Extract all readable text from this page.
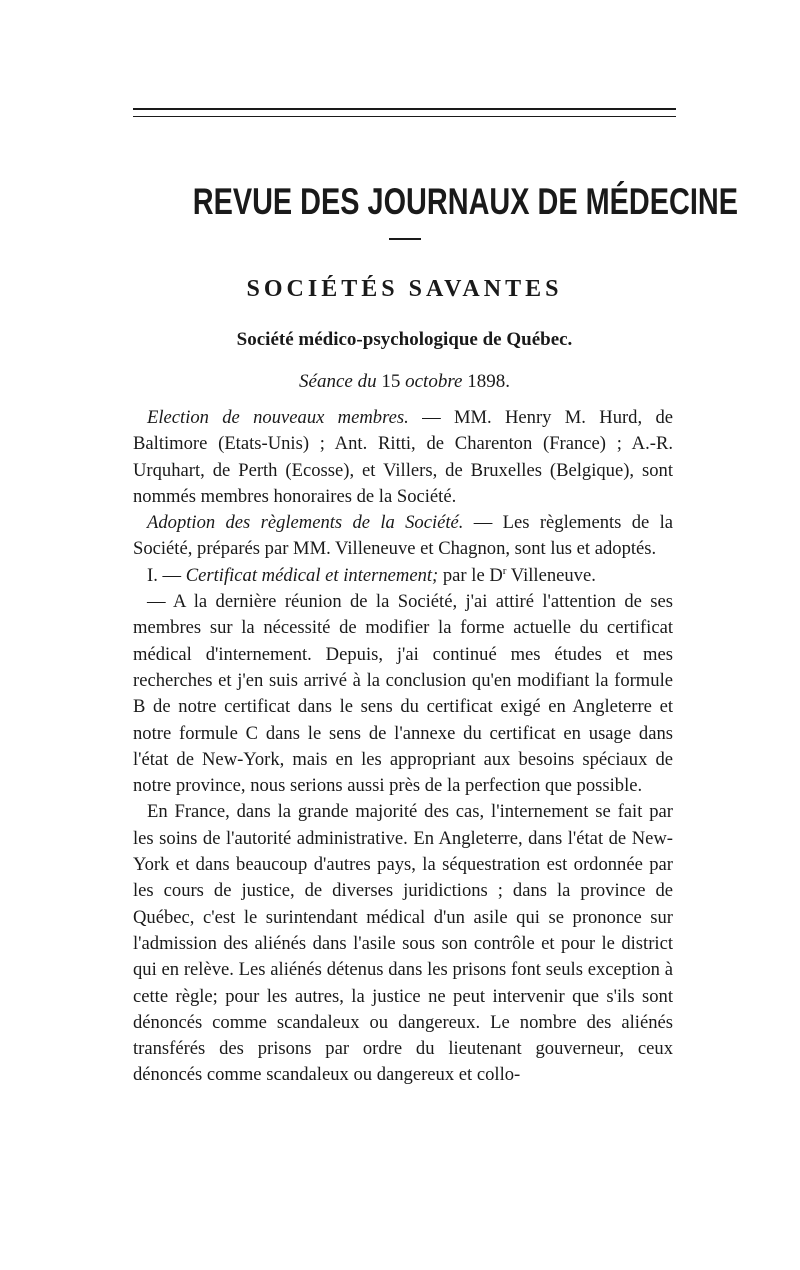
REVUE DES JOURNAUX DE MÉDECINE
SOCIÉTÉS SAVANTES
Société médico-psychologique de Québec.

Séance du 15 octobre 1898.

Election de nouveaux membres. — MM. Henry M. Hurd, de Baltimore (Etats-Unis) ; Ant. Ritti, de Charenton (France) ; A.-R. Urquhart, de Perth (Ecosse), et Villers, de Bruxelles (Belgique), sont nommés membres honoraires de la Société.

Adoption des règlements de la Société. — Les règlements de la Société, préparés par MM. Villeneuve et Chagnon, sont lus et adoptés.

I. — Certificat médical et internement; par le $D^r$ Villeneuve.

— A la dernière réunion de la Société, j'ai attiré l'attention de ses membres sur la nécessité de modifier la forme actuelle du certificat médical d'internement. Depuis, j'ai continué mes études et mes recherches et j'en suis arrivé à la conclusion qu'en modifiant la formule B de notre certificat dans le sens du certificat exigé en Angleterre et notre formule C dans le sens de l'annexe du certificat en usage dans l'état de New-York, mais en les appropriant aux besoins spéciaux de notre province, nous serions aussi près de la perfection que possible.

En France, dans la grande majorité des cas, l'internement se fait par les soins de l'autorité administrative. En Angleterre, dans l'état de New-York et dans beaucoup d'autres pays, la séquestration est ordonnée par les cours de justice, de diverses juridictions ; dans la province de Québec, c'est le surintendant médical d'un asile qui se prononce sur l'admission des aliénés dans l'asile sous son contrôle et pour le district qui en relève. Les aliénés détenus dans les prisons font seuls exception à cette règle; pour les autres, la justice ne peut intervenir que s'ils sont dénoncés comme scandaleux ou dangereux. Le nombre des aliénés transférés des prisons par ordre du lieutenant gouverneur, ceux dénoncés comme scandaleux ou dangereux et collo-
